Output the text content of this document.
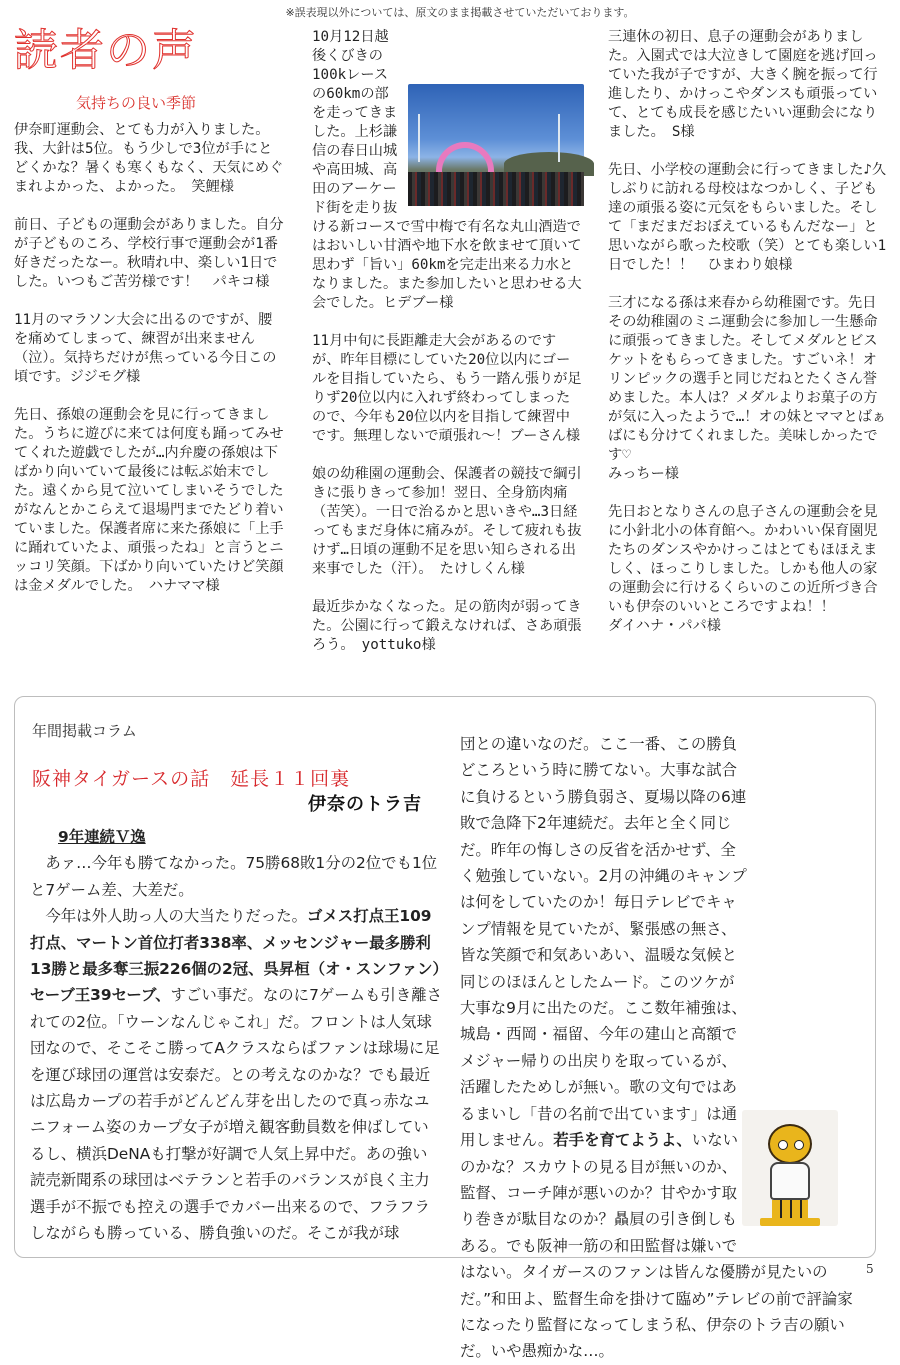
※誤表現以外については、原文のまま掲載させていただいております。
読者の声
気持ちの良い季節

伊奈町運動会、とても力が入りました。我、大針は5位。もう少しで3位が手にとどくかな？暑くも寒くもなく、天気にめぐまれよかった、よかった。　笑鯉様

前日、子どもの運動会がありました。自分が子どものころ、学校行事で運動会が1番好きだったなー。秋晴れ中、楽しい1日でした。いつもご苦労様です！　パキコ様

11月のマラソン大会に出るのですが、腰を痛めてしまって、練習が出来ません（泣）。気持ちだけが焦っている今日この頃です。ジジモグ様

先日、孫娘の運動会を見に行ってきました。うちに遊びに来ては何度も踊ってみせてくれた遊戯でしたが…内弁慶の孫娘は下ばかり向いていて最後には転ぶ始末でした。遠くから見て泣いてしまいそうでしたがなんとかこらえて退場門までたどり着いていました。保護者席に来た孫娘に「上手に踊れていたよ、頑張ったね」と言うとニッコリ笑顔。下ばかり向いていたけど笑顔は金メダルでした。　ハナママ様

10月12日越後くびきの100kレースの60kmの部を走ってきました。上杉謙信の春日山城や高田城、高田のアーケード街を走り抜ける新コースで雪中梅で有名な丸山酒造ではおいしい甘酒や地下水を飲ませて頂いて思わず「旨い」60kmを完走出来る力水となりました。また参加したいと思わせる大会でした。ヒデブー様

11月中旬に長距離走大会があるのですが、昨年目標にしていた20位以内にゴールを目指していたら、もう一踏ん張りが足りず20位以内に入れず終わってしまったので、今年も20位以内を目指して練習中です。無理しないで頑張れ〜！ブーさん様

娘の幼稚園の運動会、保護者の競技で綱引きに張りきって参加！翌日、全身筋肉痛（苦笑）。一日で治るかと思いきや…3日経ってもまだ身体に痛みが。そして疲れも抜けず…日頃の運動不足を思い知らされる出来事でした（汗）。　たけしくん様

最近歩かなくなった。足の筋肉が弱ってきた。公園に行って鍛えなければ、さあ頑張ろう。　yottuko様

三連休の初日、息子の運動会がありました。入園式では大泣きして園庭を逃げ回っていた我が子ですが、大きく腕を振って行進したり、かけっこやダンスも頑張っていて、とても成長を感じたいい運動会になりました。　S様

先日、小学校の運動会に行ってきました♪久しぶりに訪れる母校はなつかしく、子ども達の頑張る姿に元気をもらいました。そして「まだまだおぼえているもんだなー」と思いながら歌った校歌（笑）とても楽しい1日でした！！　ひまわり娘様

三才になる孫は来春から幼稚園です。先日その幼稚園のミニ運動会に参加し一生懸命に頑張ってきました。そしてメダルとビスケットをもらってきました。すごいネ！オリンピックの選手と同じだねとたくさん誉めました。本人は？メダルよりお菓子の方が気に入ったようで…！オの妹とママとばぁばにも分けてくれました。美味しかったです♡
みっちー様

先日おとなりさんの息子さんの運動会を見に小針北小の体育館へ。かわいい保育園児たちのダンスやかけっこはとてもほほえましく、ほっこりしました。しかも他人の家の運動会に行けるくらいのこの近所づき合いも伊奈のいいところですよね！！
ダイハナ・パパ様

年間掲載コラム
阪神タイガースの話　延長１１回裏
伊奈のトラ吉
9年連続Ｖ逸

あァ…今年も勝てなかった。75勝68敗1分の2位でも1位と7ゲーム差、大差だ。

今年は外人助っ人の大当たりだった。ゴメス打点王109打点、マートン首位打者338率、メッセンジャー最多勝利13勝と最多奪三振226個の2冠、呉昇桓（オ・スンファン）セーブ王39セーブ、すごい事だ。なのに7ゲームも引き離されての2位。「ウーンなんじゃこれ」だ。フロントは人気球団なので、そこそこ勝ってAクラスならばファンは球場に足を運び球団の運営は安泰だ。との考えなのかな？でも最近は広島カープの若手がどんどん芽を出したので真っ赤なユニフォーム姿のカープ女子が増え観客動員数を伸ばしているし、横浜DeNAも打撃が好調で人気上昇中だ。あの強い読売新聞系の球団はベテランと若手のバランスが良く主力選手が不振でも控えの選手でカバー出来るので、フラフラしながらも勝っている、勝負強いのだ。そこが我が球

団との違いなのだ。ここ一番、この勝負どころという時に勝てない。大事な試合に負けるという勝負弱さ、夏場以降の6連敗で急降下2年連続だ。去年と全く同じだ。昨年の悔しさの反省を活かせず、全く勉強していない。2月の沖縄のキャンプは何をしていたのか！毎日テレビでキャンプ情報を見ていたが、緊張感の無さ、皆な笑顔で和気あいあい、温暖な気候と同じのほほんとしたムード。このツケが大事な9月に出たのだ。ここ数年補強は、城島・西岡・福留、今年の建山と高額でメジャー帰りの出戻りを取っているが、活躍したためしが無い。歌の文句ではあるまいし「昔の名前で出ています」は通用しません。若手を育てようよ、いないのかな？スカウトの見る目が無いのか、監督、コーチ陣が悪いのか？甘やかす取り巻きが駄目なのか？贔屓の引き倒しもある。でも阪神一筋の和田監督は嫌いではない。タイガースのファンは皆んな優勝が見たいのだ。”和田よ、監督生命を掛けて臨め”テレビの前で評論家になったり監督になってしまう私、伊奈のトラ吉の願いだ。いや愚痴かな…。

5
